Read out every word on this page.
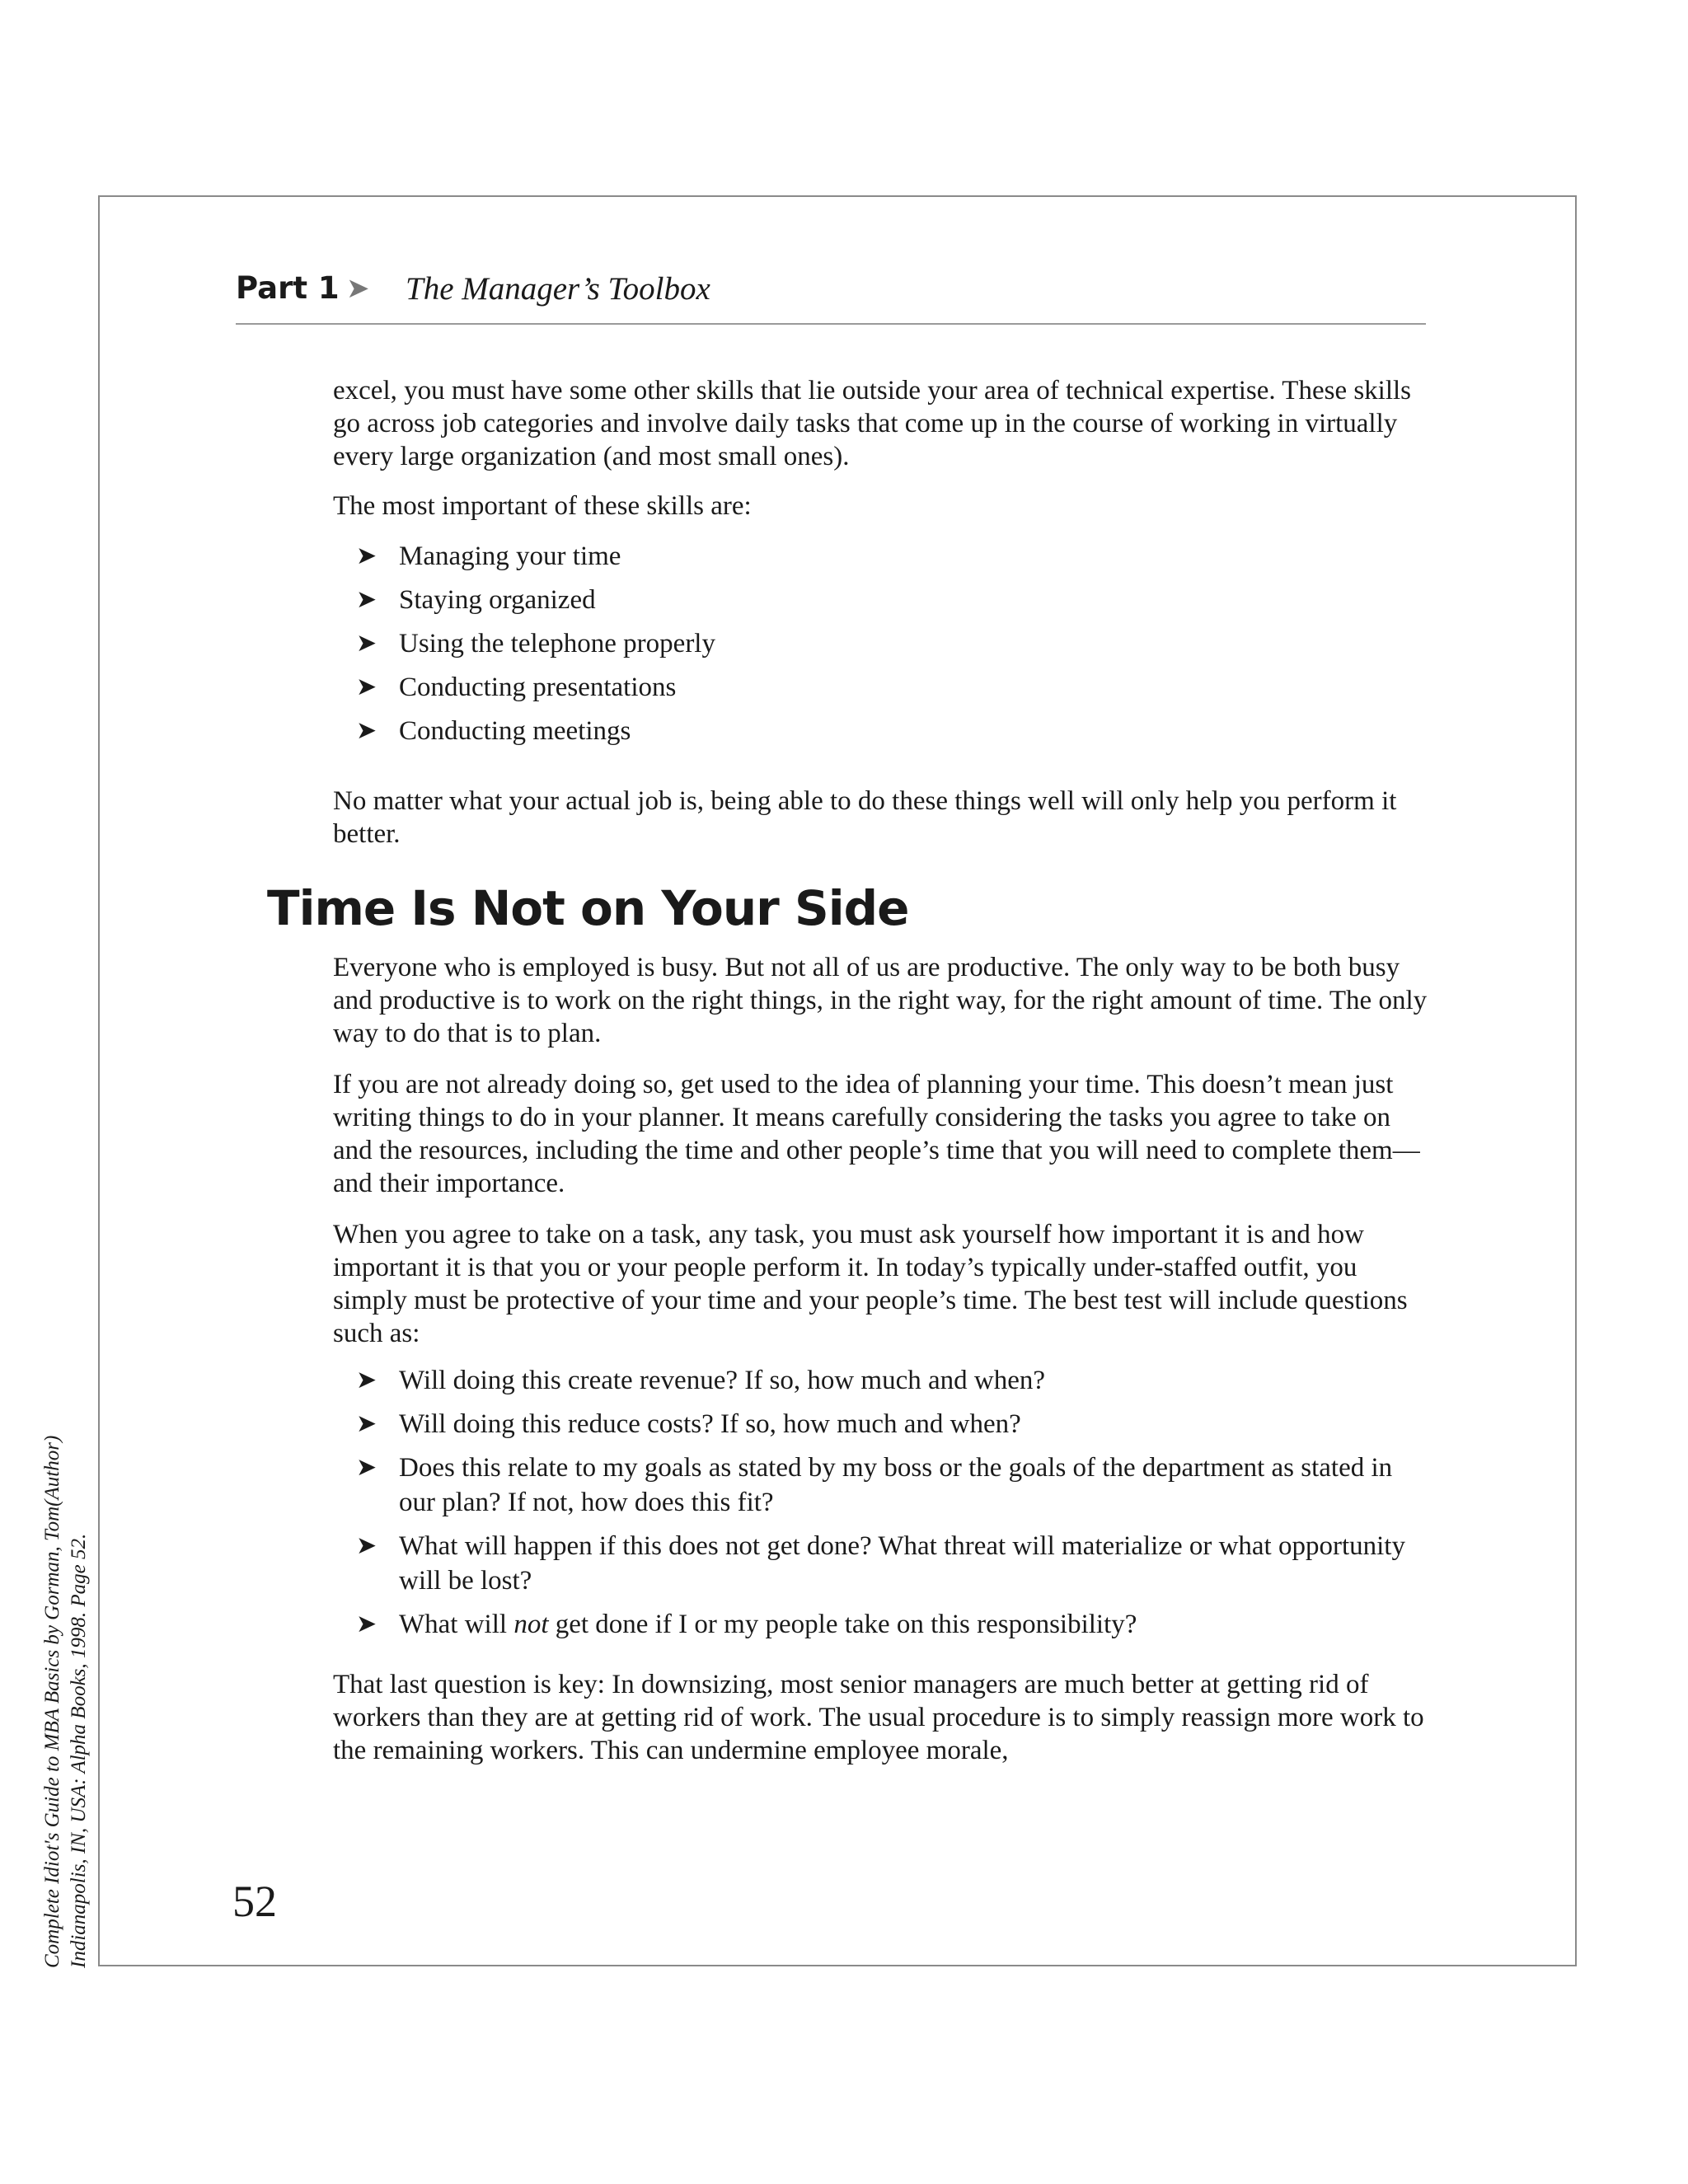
Part 1 ➤ The Manager’s Toolbox

excel, you must have some other skills that lie outside your area of technical expertise. These skills go across job categories and involve daily tasks that come up in the course of working in virtually every large organization (and most small ones).

The most important of these skills are:

➤ Managing your time
➤ Staying organized
➤ Using the telephone properly
➤ Conducting presentations
➤ Conducting meetings

No matter what your actual job is, being able to do these things well will only help you perform it better.

Time Is Not on Your Side

Everyone who is employed is busy. But not all of us are productive. The only way to be both busy and productive is to work on the right things, in the right way, for the right amount of time. The only way to do that is to plan.

If you are not already doing so, get used to the idea of planning your time. This doesn’t mean just writing things to do in your planner. It means carefully considering the tasks you agree to take on and the resources, including the time and other people’s time that you will need to complete them—and their importance.

When you agree to take on a task, any task, you must ask yourself how important it is and how important it is that you or your people perform it. In today’s typically under-staffed outfit, you simply must be protective of your time and your people’s time. The best test will include questions such as:

➤ Will doing this create revenue? If so, how much and when?
➤ Will doing this reduce costs? If so, how much and when?
➤ Does this relate to my goals as stated by my boss or the goals of the department as stated in our plan? If not, how does this fit?
➤ What will happen if this does not get done? What threat will materialize or what opportunity will be lost?
➤ What will not get done if I or my people take on this responsibility?

That last question is key: In downsizing, most senior managers are much better at getting rid of workers than they are at getting rid of work. The usual procedure is to simply reassign more work to the remaining workers. This can undermine employee morale,

52
Complete Idiot's Guide to MBA Basics by Gorman, Tom(Author) Indianapolis, IN, USA: Alpha Books, 1998. Page 52.
